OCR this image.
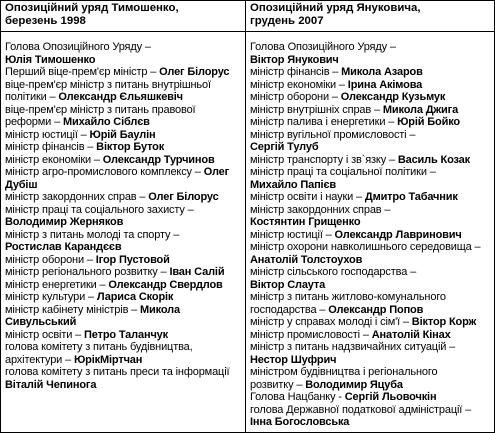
Опозиційний уряд Тимошенко,
березень 1998
Опозиційний уряд Януковича,
грудень 2007
Голова Опозиційного Уряду –
Юлія Тимошенко
Перший віце-прем'єр міністр – Олег Білорус
віце-прем'єр міністр з питань внутрішньої
політики – Олександр Єльяшкевіч
віце-прем'єр міністр з питань правової
реформи – Михайло Сіблєв
міністр юстиції – Юрій Баулін
міністр фінансів – Віктор Буток
міністр економіки – Олександр Турчинов
міністр агро-промислового комплексу – Олег
Дубіш
міністр закордонних справ – Олег Білорус
міністр праці та соціального захисту –
Володимир Жерняков
міністр з питань молоді та спорту –
Ростислав Карандєєв
міністр оборони – Ігор Пустовой
міністр регіонального розвитку – Іван Салій
міністр енергетики – Олександр Свердлов
міністр культури – Лариса Скорік
міністр кабінету міністрів – Микола
Сивульський
міністр освіти – Петро Таланчук
голова комітету з питань будівництва,
архітектури – ЮрікМіртчан
голова комітету з питань преси та інформації
Віталій Чепинога
Голова Опозиційного Уряду –
Віктор Янукович
міністр фінансів – Микола Азаров
міністр економіки – Ірина Акімова
міністр оборони – Олександр Кузьмук
міністр внутрішніх справ – Микола Джига
міністр палива і енергетики – Юрій Бойко
міністр вугільної промисловості –
Сергій Тулуб
міністр транспорту і зв`язку – Василь Козак
міністр праці та соціальної політики –
Михайло Папієв
міністр освіти і науки – Дмитро Табачник
міністр закордонних справ –
Костянтин Грищенко
міністр юстиції – Олександр Лавринович
міністр охорони навколишнього середовища –
Анатолій Толстоухов
міністр сільського господарства –
Віктор Слаута
міністр з питань житлово-комунального
господарства – Олександр Попов
міністр у справах молоді і сім'ї – Віктор Корж
міністр промисловості – Анатолій Кінах
міністр з питань надзвичайних ситуацій –
Нестор Шуфрич
міністром будівництва і регіонального
розвитку – Володимир Яцуба
Голова Нацбанку - Сергій Льовочкін
голова Державної податкової адміністрації –
Інна Богословська
